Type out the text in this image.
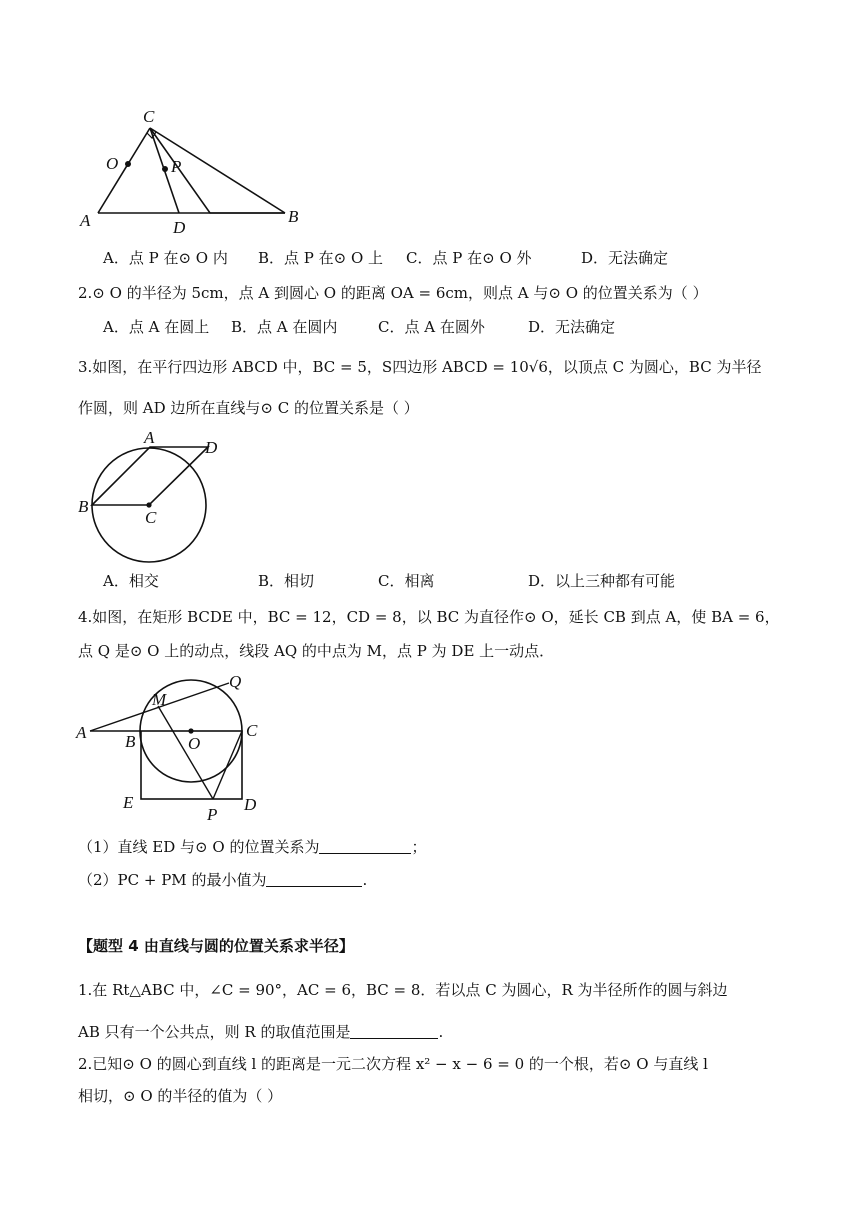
C
O	P
A	D
B
A．点 P 在⊙ O 内 B．点 P 在⊙ O 上 C．点 P 在⊙ O 外	D．无法确定
2.⊙ O 的半径为 5cm，点 A 到圆心 O 的距离 OA = 6cm，则点 A 与⊙ O 的位置关系为（ ）
A．点 A 在圆上 B．点 A 在圆内	C．点 A 在圆外	D．无法确定
3.如图，在平行四边形 ABCD 中，BC = 5，S四边形 ABCD = 10√6，以顶点 C 为圆心，BC 为半径
作圆，则 AD 边所在直线与⊙ C 的位置关系是（ ）
A
D
B
C
A．相交	B．相切	C．相离	D．以上三种都有可能
4.如图，在矩形 BCDE 中，BC = 12，CD = 8，以 BC 为直径作⊙ O，延长 CB 到点 A，使 BA = 6，
点 Q 是⊙ O 上的动点，线段 AQ 的中点为 M，点 P 为 DE 上一动点．
Q
M
A B	O
C
E
P
D
（1）直线 ED 与⊙ O 的位置关系为	；
（2）PC + PM 的最小值为	.
【题型 4 由直线与圆的位置关系求半径】
1.在 Rt△ABC 中，∠C = 90°，AC = 6，BC = 8．若以点 C 为圆心，R 为半径所作的圆与斜边
AB 只有一个公共点，则 R 的取值范围是	.
2.已知⊙ O 的圆心到直线 l 的距离是一元二次方程 x² − x − 6 = 0 的一个根，若⊙ O 与直线 l
相切，⊙ O 的半径的值为（ ）
